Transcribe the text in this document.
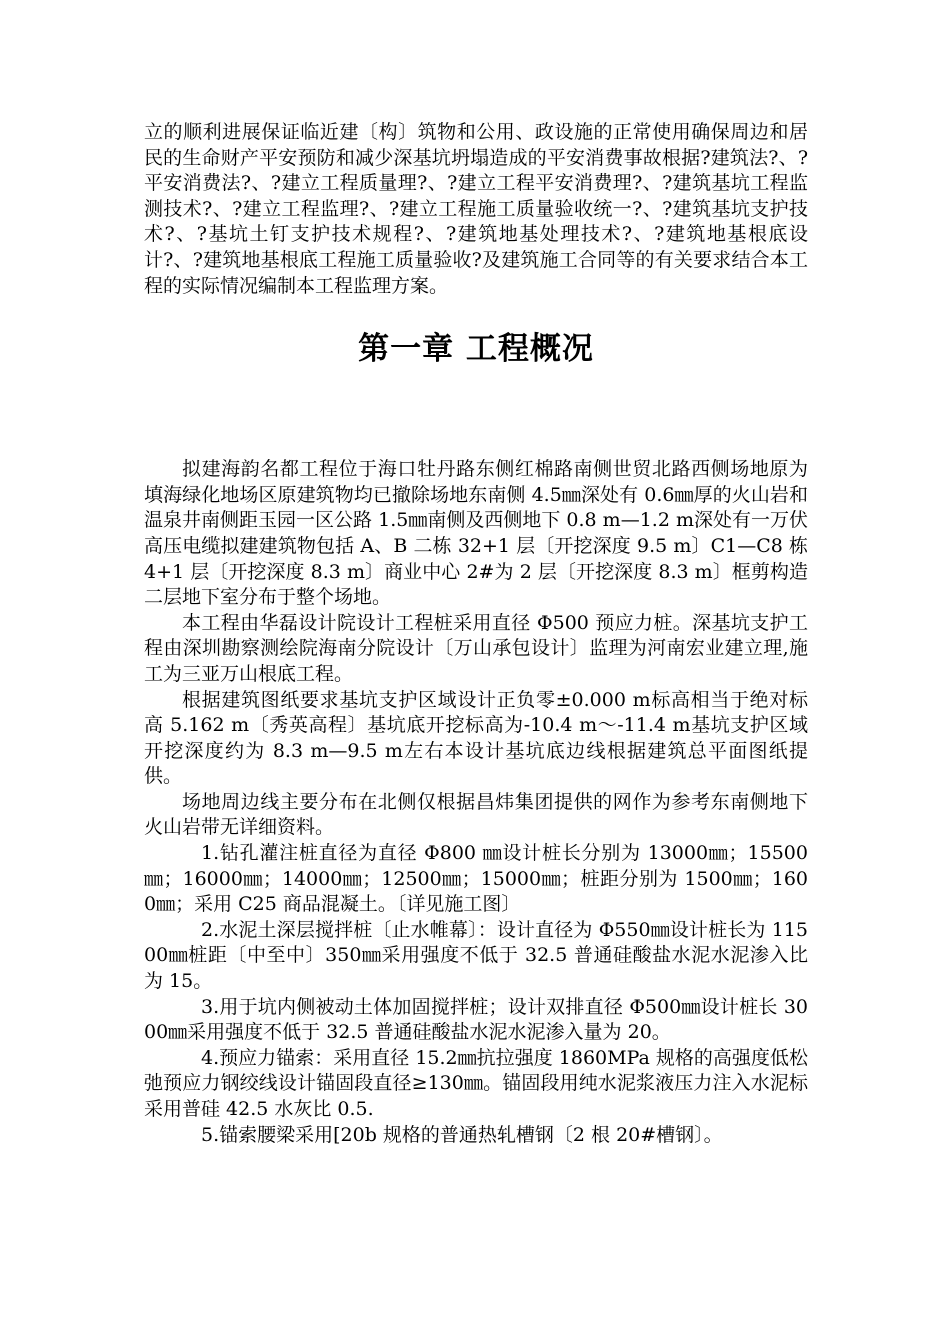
立的顺利进展保证临近建〔构〕筑物和公用、政设施的正常使用确保周边和居民的生命财产平安预防和减少深基坑坍塌造成的平安消费事故根据?建筑法?、?平安消费法?、?建立工程质量理?、?建立工程平安消费理?、?建筑基坑工程监测技术?、?建立工程监理?、?建立工程施工质量验收统一?、?建筑基坑支护技术?、?基坑土钉支护技术规程?、?建筑地基处理技术?、?建筑地基根底设计?、?建筑地基根底工程施工质量验收?及建筑施工合同等的有关要求结合本工程的实际情况编制本工程监理方案。

第一章 工程概况

拟建海韵名都工程位于海口牡丹路东侧红棉路南侧世贸北路西侧场地原为填海绿化地场区原建筑物均已撤除场地东南侧 4.5㎜深处有 0.6㎜厚的火山岩和温泉井南侧距玉园一区公路 1.5㎜南侧及西侧地下 0.8 m—1.2 m深处有一万伏高压电缆拟建建筑物包括 A、B 二栋 32+1 层〔开挖深度 9.5 m〕C1—C8 栋 4+1 层〔开挖深度 8.3 m〕商业中心 2#为 2 层〔开挖深度 8.3 m〕框剪构造二层地下室分布于整个场地。

本工程由华磊设计院设计工程桩采用直径 Φ500 预应力桩。深基坑支护工程由深圳勘察测绘院海南分院设计〔万山承包设计〕监理为河南宏业建立理,施工为三亚万山根底工程。

根据建筑图纸要求基坑支护区域设计正负零±0.000 m标高相当于绝对标高 5.162 m〔秀英高程〕基坑底开挖标高为-10.4 m～-11.4 m基坑支护区域开挖深度约为 8.3 m—9.5 m左右本设计基坑底边线根据建筑总平面图纸提供。

场地周边线主要分布在北侧仅根据昌炜集团提供的网作为参考东南侧地下火山岩带无详细资料。

1.钻孔灌注桩直径为直径 Φ800 ㎜设计桩长分别为 13000㎜；15500㎜；16000㎜；14000㎜；12500㎜；15000㎜；桩距分别为 1500㎜；1600㎜；采用 C25 商品混凝土。〔详见施工图〕

2.水泥土深层搅拌桩〔止水帷幕〕：设计直径为 Φ550㎜设计桩长为 11500㎜桩距〔中至中〕350㎜采用强度不低于 32.5 普通硅酸盐水泥水泥渗入比为 15。

3.用于坑内侧被动土体加固搅拌桩；设计双排直径 Φ500㎜设计桩长 3000㎜采用强度不低于 32.5 普通硅酸盐水泥水泥渗入量为 20。

4.预应力锚索：采用直径 15.2㎜抗拉强度 1860MPa 规格的高强度低松弛预应力钢绞线设计锚固段直径≥130㎜。锚固段用纯水泥浆液压力注入水泥标采用普硅 42.5 水灰比 0.5.

5.锚索腰梁采用[20b 规格的普通热轧槽钢〔2 根 20#槽钢〕。
